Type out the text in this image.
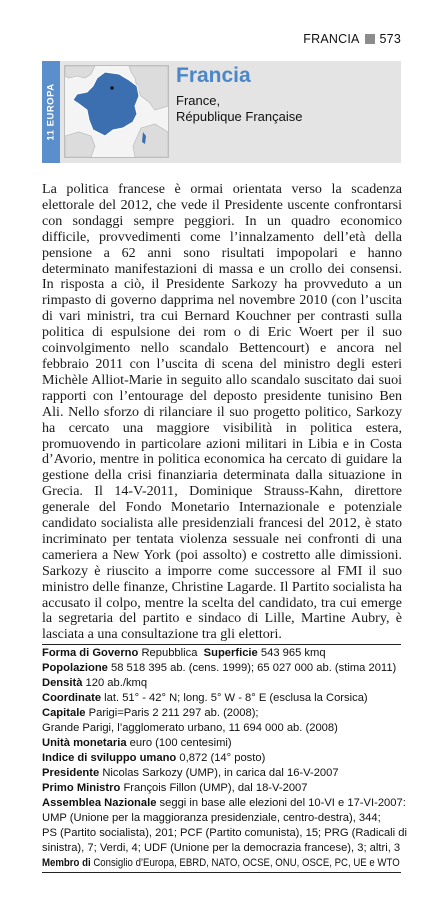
FRANCIA 573
11 EUROPA
Francia
France,
République Française
La politica francese è ormai orientata verso la scadenza elettorale del 2012, che vede il Presidente uscente confrontarsi con sondaggi sempre peggiori. In un quadro economico difficile, provvedimenti come l’innalzamento dell’età della pensione a 62 anni sono risultati impopolari e hanno determinato manifestazioni di massa e un crollo dei consensi. In risposta a ciò, il Presidente Sarkozy ha provveduto a un rimpasto di governo dapprima nel novembre 2010 (con l’uscita di vari ministri, tra cui Bernard Kouchner per contrasti sulla politica di espulsione dei rom o di Eric Woert per il suo coinvolgimento nello scandalo Bettencourt) e ancora nel febbraio 2011 con l’uscita di scena del ministro degli esteri Michèle Alliot-Marie in seguito allo scandalo suscitato dai suoi rapporti con l’entourage del deposto presidente tunisino Ben Ali. Nello sforzo di rilanciare il suo progetto politico, Sarkozy ha cercato una maggiore visibilità in politica estera, promuovendo in particolare azioni militari in Libia e in Costa d’Avorio, mentre in politica economica ha cercato di guidare la gestione della crisi finanziaria determinata dalla situazione in Grecia. Il 14-V-2011, Dominique Strauss-Kahn, direttore generale del Fondo Monetario Internazionale e potenziale candidato socialista alle presidenziali francesi del 2012, è stato incriminato per tentata violenza sessuale nei confronti di una cameriera a New York (poi assolto) e costretto alle dimissioni. Sarkozy è riuscito a imporre come successore al FMI il suo ministro delle finanze, Christine Lagarde. Il Partito socialista ha accusato il colpo, mentre la scelta del candidato, tra cui emerge la segretaria del partito e sindaco di Lille, Martine Aubry, è lasciata a una consultazione tra gli elettori.
Forma di Governo Repubblica Superficie 543 965 kmq
Popolazione 58 518 395 ab. (cens. 1999); 65 027 000 ab. (stima 2011)
Densità 120 ab./kmq
Coordinate lat. 51° - 42° N; long. 5° W - 8° E (esclusa la Corsica)
Capitale Parigi=Paris 2 211 297 ab. (2008);
Grande Parigi, l’agglomerato urbano, 11 694 000 ab. (2008)
Unità monetaria euro (100 centesimi)
Indice di sviluppo umano 0,872 (14° posto)
Presidente Nicolas Sarkozy (UMP), in carica dal 16-V-2007
Primo Ministro François Fillon (UMP), dal 18-V-2007
Assemblea Nazionale seggi in base alle elezioni del 10-VI e 17-VI-2007:
UMP (Unione per la maggioranza presidenziale, centro-destra), 344;
PS (Partito socialista), 201; PCF (Partito comunista), 15; PRG (Radicali di
sinistra), 7; Verdi, 4; UDF (Unione per la democrazia francese), 3; altri, 3
Membro di Consiglio d’Europa, EBRD, NATO, OCSE, ONU, OSCE, PC, UE e WTO
